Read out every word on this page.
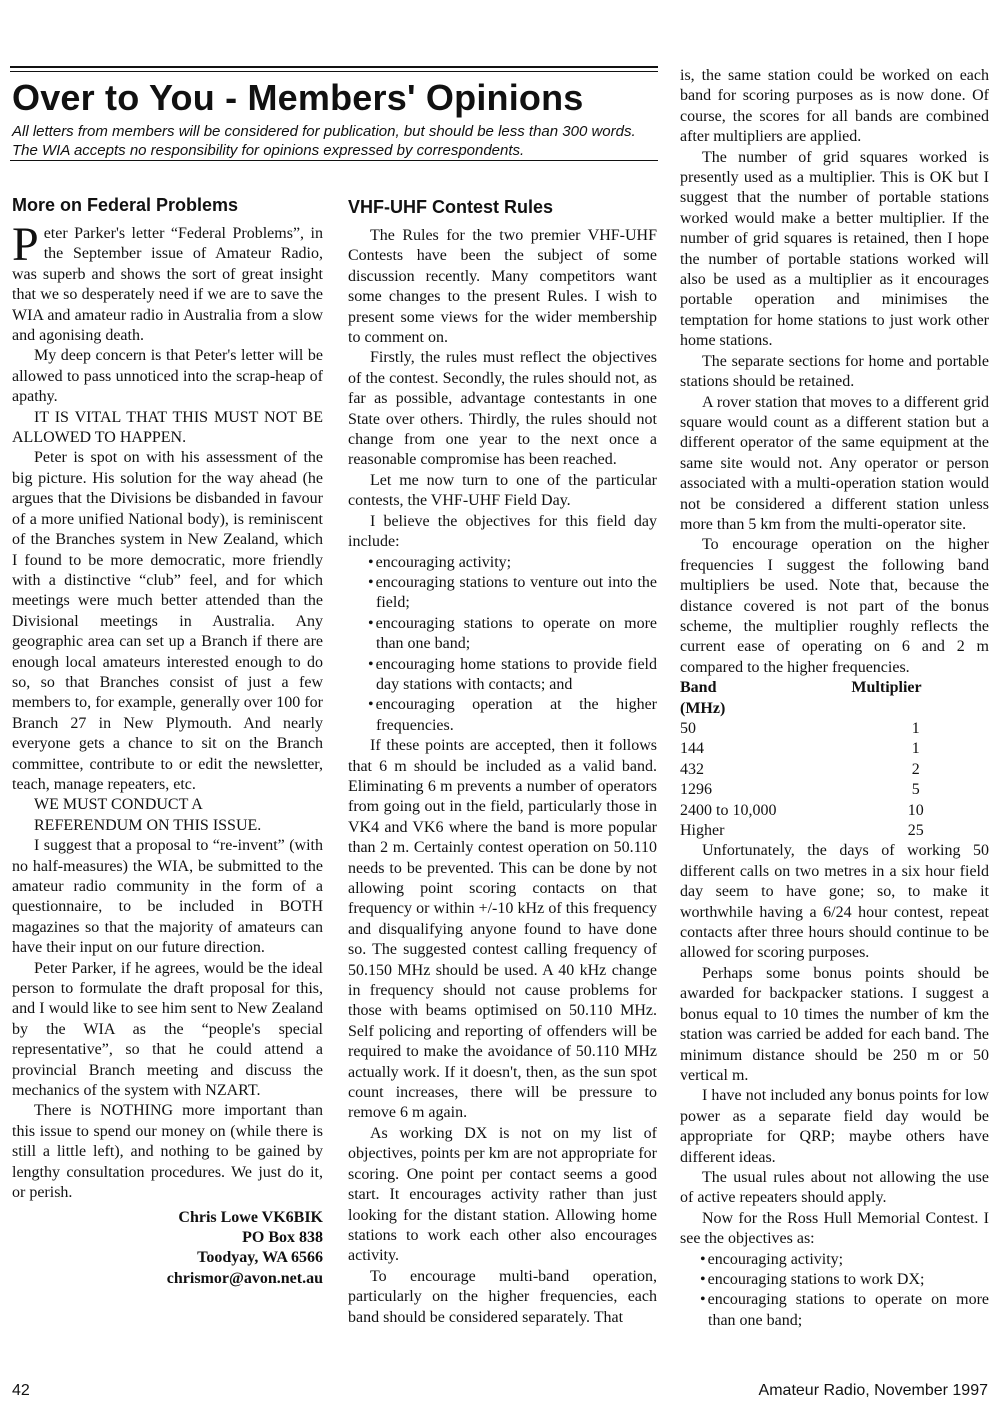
Over to You - Members' Opinions
All letters from members will be considered for publication, but should be less than 300 words. The WIA accepts no responsibility for opinions expressed by correspondents.
More on Federal Problems

Peter Parker's letter “Federal Problems”, in the September issue of Amateur Radio, was superb and shows the sort of great insight that we so desperately need if we are to save the WIA and amateur radio in Australia from a slow and agonising death.

My deep concern is that Peter's letter will be allowed to pass unnoticed into the scrap-heap of apathy.

IT IS VITAL THAT THIS MUST NOT BE ALLOWED TO HAPPEN.

Peter is spot on with his assessment of the big picture. His solution for the way ahead (he argues that the Divisions be disbanded in favour of a more unified National body), is reminiscent of the Branches system in New Zealand, which I found to be more democratic, more friendly with a distinctive “club” feel, and for which meetings were much better attended than the Divisional meetings in Australia. Any geographic area can set up a Branch if there are enough local amateurs interested enough to do so, so that Branches consist of just a few members to, for example, generally over 100 for Branch 27 in New Plymouth. And nearly everyone gets a chance to sit on the Branch committee, contribute to or edit the newsletter, teach, manage repeaters, etc.

WE MUST CONDUCT A

REFERENDUM ON THIS ISSUE.

I suggest that a proposal to “re-invent” (with no half-measures) the WIA, be submitted to the amateur radio community in the form of a questionnaire, to be included in BOTH magazines so that the majority of amateurs can have their input on our future direction.

Peter Parker, if he agrees, would be the ideal person to formulate the draft proposal for this, and I would like to see him sent to New Zealand by the WIA as the “people's special representative”, so that he could attend a provincial Branch meeting and discuss the mechanics of the system with NZART.

There is NOTHING more important than this issue to spend our money on (while there is still a little left), and nothing to be gained by lengthy consultation procedures. We just do it, or perish.

Chris Lowe VK6BIK
PO Box 838
Toodyay, WA 6566
chrismor@avon.net.au
VHF-UHF Contest Rules

The Rules for the two premier VHF-UHF Contests have been the subject of some discussion recently. Many competitors want some changes to the present Rules. I wish to present some views for the wider membership to comment on.

Firstly, the rules must reflect the objectives of the contest. Secondly, the rules should not, as far as possible, advantage contestants in one State over others. Thirdly, the rules should not change from one year to the next once a reasonable compromise has been reached.

Let me now turn to one of the particular contests, the VHF-UHF Field Day.

I believe the objectives for this field day include:

• encouraging activity;
• encouraging stations to venture out into the field;
• encouraging stations to operate on more than one band;
• encouraging home stations to provide field day stations with contacts; and
• encouraging operation at the higher frequencies.

If these points are accepted, then it follows that 6 m should be included as a valid band. Eliminating 6 m prevents a number of operators from going out in the field, particularly those in VK4 and VK6 where the band is more popular than 2 m. Certainly contest operation on 50.110 needs to be prevented. This can be done by not allowing point scoring contacts on that frequency or within +/-10 kHz of this frequency and disqualifying anyone found to have done so. The suggested contest calling frequency of 50.150 MHz should be used. A 40 kHz change in frequency should not cause problems for those with beams optimised on 50.110 MHz. Self policing and reporting of offenders will be required to make the avoidance of 50.110 MHz actually work. If it doesn't, then, as the sun spot count increases, there will be pressure to remove 6 m again.

As working DX is not on my list of objectives, points per km are not appropriate for scoring. One point per contact seems a good start. It encourages activity rather than just looking for the distant station. Allowing home stations to work each other also encourages activity.

To encourage multi-band operation, particularly on the higher frequencies, each band should be considered separately. That

is, the same station could be worked on each band for scoring purposes as is now done. Of course, the scores for all bands are combined after multipliers are applied.

The number of grid squares worked is presently used as a multiplier. This is OK but I suggest that the number of portable stations worked would make a better multiplier. If the number of grid squares is retained, then I hope the number of portable stations worked will also be used as a multiplier as it encourages portable operation and minimises the temptation for home stations to just work other home stations.

The separate sections for home and portable stations should be retained.

A rover station that moves to a different grid square would count as a different station but a different operator of the same equipment at the same site would not. Any operator or person associated with a multi-operation station would not be considered a different station unless more than 5 km from the multi-operator site.

To encourage operation on the higher frequencies I suggest the following band multipliers be used. Note that, because the distance covered is not part of the bonus scheme, the multiplier roughly reflects the current ease of operating on 6 and 2 m compared to the higher frequencies.

Band
(MHz)	Multiplier
50	1
144	1
432	2
1296	5
2400 to 10,000	10
Higher	25

Unfortunately, the days of working 50 different calls on two metres in a six hour field day seem to have gone; so, to make it worthwhile having a 6/24 hour contest, repeat contacts after three hours should continue to be allowed for scoring purposes.

Perhaps some bonus points should be awarded for backpacker stations. I suggest a bonus equal to 10 times the number of km the station was carried be added for each band. The minimum distance should be 250 m or 50 vertical m.

I have not included any bonus points for low power as a separate field day would be appropriate for QRP; maybe others have different ideas.

The usual rules about not allowing the use of active repeaters should apply.

Now for the Ross Hull Memorial Contest. I see the objectives as:

• encouraging activity;
• encouraging stations to work DX;
• encouraging stations to operate on more than one band;
42	Amateur Radio, November 1997
